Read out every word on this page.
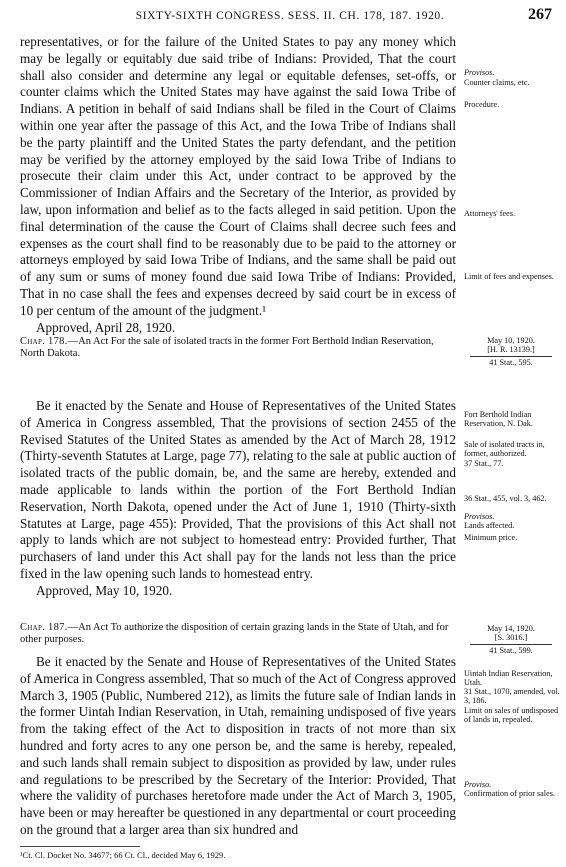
SIXTY-SIXTH CONGRESS. SESS. II. CH. 178, 187. 1920.	267

representatives, or for the failure of the United States to pay any money which may be legally or equitably due said tribe of Indians: Provided, That the court shall also consider and determine any legal or equitable defenses, set-offs, or counter claims which the United States may have against the said Iowa Tribe of Indians. A petition in behalf of said Indians shall be filed in the Court of Claims within one year after the passage of this Act, and the Iowa Tribe of Indians shall be the party plaintiff and the United States the party defendant, and the petition may be verified by the attorney employed by the said Iowa Tribe of Indians to prosecute their claim under this Act, under contract to be approved by the Commissioner of Indian Affairs and the Secretary of the Interior, as provided by law, upon information and belief as to the facts alleged in said petition. Upon the final determination of the cause the Court of Claims shall decree such fees and expenses as the court shall find to be reasonably due to be paid to the attorney or attorneys employed by said Iowa Tribe of Indians, and the same shall be paid out of any sum or sums of money found due said Iowa Tribe of Indians: Provided, That in no case shall the fees and expenses decreed by said court be in excess of 10 per centum of the amount of the judgment.¹

Approved, April 28, 1920.

Provisos.
Counter claims, etc.
Procedure.
Attorneys' fees.
Limit of fees and expenses.
Chap. 178.—An Act For the sale of isolated tracts in the former Fort Berthold Indian Reservation, North Dakota.
May 10, 1920.
[H. R. 13139.]
41 Stat., 595.

Be it enacted by the Senate and House of Representatives of the United States of America in Congress assembled, That the provisions of section 2455 of the Revised Statutes of the United States as amended by the Act of March 28, 1912 (Thirty-seventh Statutes at Large, page 77), relating to the sale at public auction of isolated tracts of the public domain, be, and the same are hereby, extended and made applicable to lands within the portion of the Fort Berthold Indian Reservation, North Dakota, opened under the Act of June 1, 1910 (Thirty-sixth Statutes at Large, page 455): Provided, That the provisions of this Act shall not apply to lands which are not subject to homestead entry: Provided further, That purchasers of land under this Act shall pay for the lands not less than the price fixed in the law opening such lands to homestead entry.

Approved, May 10, 1920.

Fort Berthold Indian Reservation, N. Dak.
Sale of isolated tracts in, former, authorized.
37 Stat., 77.
36 Stat., 455, vol. 3, 462.
Provisos.
Lands affected.
Minimum price.
Chap. 187.—An Act To authorize the disposition of certain grazing lands in the State of Utah, and for other purposes.
May 14, 1920.
[S. 3016.]
41 Stat., 599.

Be it enacted by the Senate and House of Representatives of the United States of America in Congress assembled, That so much of the Act of Congress approved March 3, 1905 (Public, Numbered 212), as limits the future sale of Indian lands in the former Uintah Indian Reservation, in Utah, remaining undisposed of five years from the taking effect of the Act to disposition in tracts of not more than six hundred and forty acres to any one person be, and the same is hereby, repealed, and such lands shall remain subject to disposition as provided by law, under rules and regulations to be prescribed by the Secretary of the Interior: Provided, That where the validity of purchases heretofore made under the Act of March 3, 1905, have been or may hereafter be questioned in any departmental or court proceeding on the ground that a larger area than six hundred and

Uintah Indian Reservation, Utah.
31 Stat., 1070, amended, vol. 3, 186.
Limit on sales of undisposed of lands in, repealed.
Proviso.
Confirmation of prior sales.
¹Ct. Cl. Docket No. 34677; 66 Ct. Cl., decided May 6, 1929.
